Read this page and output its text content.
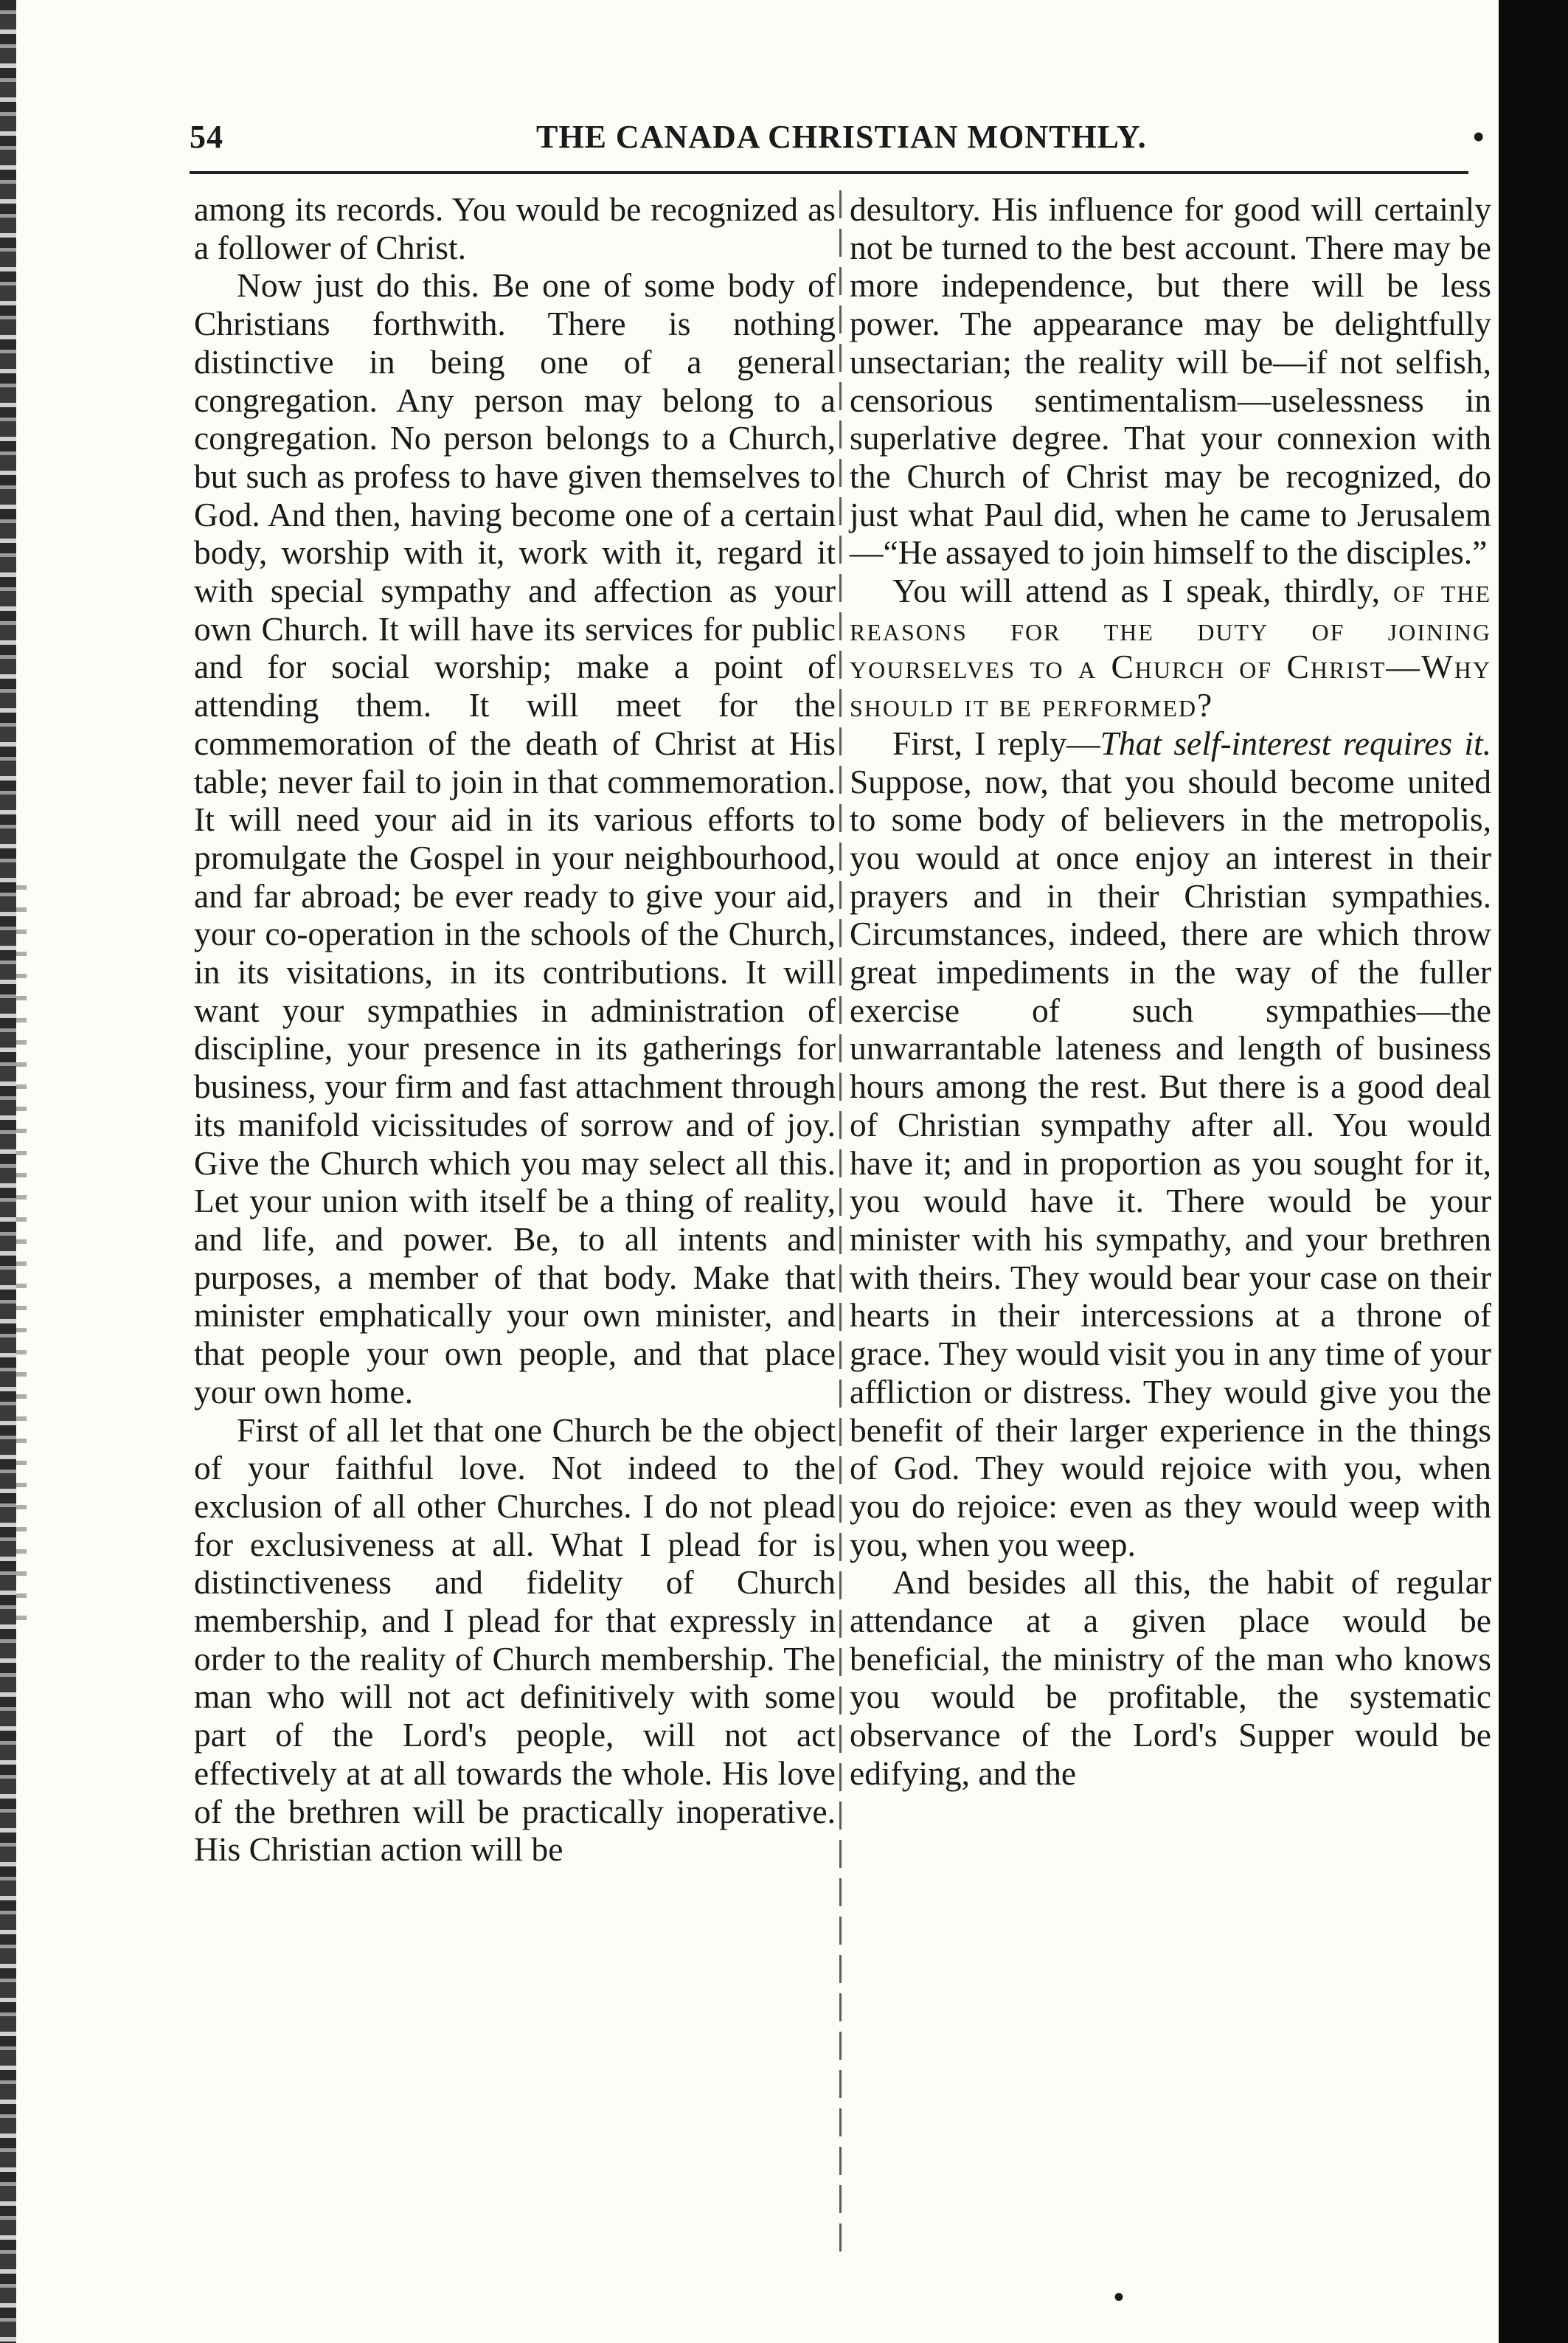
54	THE CANADA CHRISTIAN MONTHLY.	•

among its records. You would be recognized as a follower of Christ.

Now just do this. Be one of some body of Christians forthwith. There is nothing distinctive in being one of a general congregation. Any person may belong to a congregation. No person belongs to a Church, but such as profess to have given themselves to God. And then, having become one of a certain body, worship with it, work with it, regard it with special sympathy and affection as your own Church. It will have its services for public and for social worship; make a point of attending them. It will meet for the commemoration of the death of Christ at His table; never fail to join in that commemoration. It will need your aid in its various efforts to promulgate the Gospel in your neighbourhood, and far abroad; be ever ready to give your aid, your co-operation in the schools of the Church, in its visitations, in its contributions. It will want your sympathies in administration of discipline, your presence in its gatherings for business, your firm and fast attachment through its manifold vicissitudes of sorrow and of joy. Give the Church which you may select all this. Let your union with itself be a thing of reality, and life, and power. Be, to all intents and purposes, a member of that body. Make that minister emphatically your own minister, and that people your own people, and that place your own home.

First of all let that one Church be the object of your faithful love. Not indeed to the exclusion of all other Churches. I do not plead for exclusiveness at all. What I plead for is distinctiveness and fidelity of Church membership, and I plead for that expressly in order to the reality of Church membership. The man who will not act definitively with some part of the Lord's people, will not act effectively at at all towards the whole. His love of the brethren will be practically inoperative. His Christian action will be

desultory. His influence for good will certainly not be turned to the best account. There may be more independence, but there will be less power. The appearance may be delightfully unsectarian; the reality will be—if not selfish, censorious sentimentalism—uselessness in superlative degree. That your connexion with the Church of Christ may be recognized, do just what Paul did, when he came to Jerusalem—“He assayed to join himself to the disciples.”

You will attend as I speak, thirdly, of the reasons for the duty of joining yourselves to a Church of Christ—Why should it be performed?

First, I reply—That self-interest requires it. Suppose, now, that you should become united to some body of believers in the metropolis, you would at once enjoy an interest in their prayers and in their Christian sympathies. Circumstances, indeed, there are which throw great impediments in the way of the fuller exercise of such sympathies—the unwarrantable lateness and length of business hours among the rest. But there is a good deal of Christian sympathy after all. You would have it; and in proportion as you sought for it, you would have it. There would be your minister with his sympathy, and your brethren with theirs. They would bear your case on their hearts in their intercessions at a throne of grace. They would visit you in any time of your affliction or distress. They would give you the benefit of their larger experience in the things of God. They would rejoice with you, when you do rejoice: even as they would weep with you, when you weep.

And besides all this, the habit of regular attendance at a given place would be beneficial, the ministry of the man who knows you would be profitable, the systematic observance of the Lord's Supper would be edifying, and the

•
